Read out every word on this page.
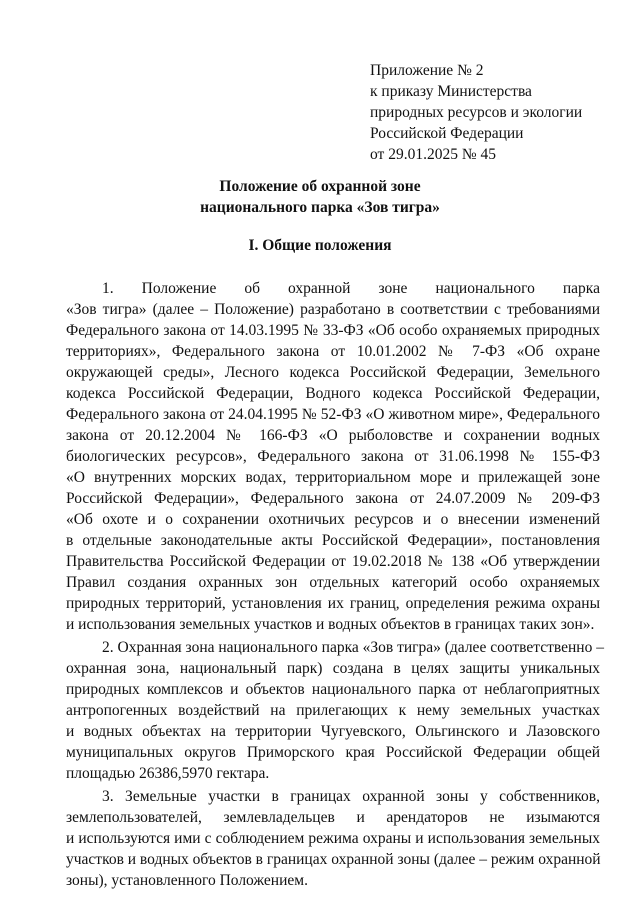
Приложение № 2
к приказу Министерства
природных ресурсов и экологии
Российской Федерации
от 29.01.2025 № 45
Положение об охранной зоне
национального парка «Зов тигра»
I. Общие положения
1. Положение об охранной зоне национального парка
«Зов тигра» (далее – Положение) разработано в соответствии с требованиями
Федерального закона от 14.03.1995 № 33-ФЗ «Об особо охраняемых природных
территориях», Федерального закона от 10.01.2002 № 7-ФЗ «Об охране
окружающей среды», Лесного кодекса Российской Федерации, Земельного
кодекса Российской Федерации, Водного кодекса Российской Федерации,
Федерального закона от 24.04.1995 № 52-ФЗ «О животном мире», Федерального
закона от 20.12.2004 № 166-ФЗ «О рыболовстве и сохранении водных
биологических ресурсов», Федерального закона от 31.06.1998 № 155-ФЗ
«О внутренних морских водах, территориальном море и прилежащей зоне
Российской Федерации», Федерального закона от 24.07.2009 № 209-ФЗ
«Об охоте и о сохранении охотничьих ресурсов и о внесении изменений
в отдельные законодательные акты Российской Федерации», постановления
Правительства Российской Федерации от 19.02.2018 № 138 «Об утверждении
Правил создания охранных зон отдельных категорий особо охраняемых
природных территорий, установления их границ, определения режима охраны
и использования земельных участков и водных объектов в границах таких зон».
2. Охранная зона национального парка «Зов тигра» (далее соответственно –
охранная зона, национальный парк) создана в целях защиты уникальных
природных комплексов и объектов национального парка от неблагоприятных
антропогенных воздействий на прилегающих к нему земельных участках
и водных объектах на территории Чугуевского, Ольгинского и Лазовского
муниципальных округов Приморского края Российской Федерации общей
площадью 26386,5970 гектара.
3. Земельные участки в границах охранной зоны у собственников,
землепользователей, землевладельцев и арендаторов не изымаются
и используются ими с соблюдением режима охраны и использования земельных
участков и водных объектов в границах охранной зоны (далее – режим охранной
зоны), установленного Положением.
